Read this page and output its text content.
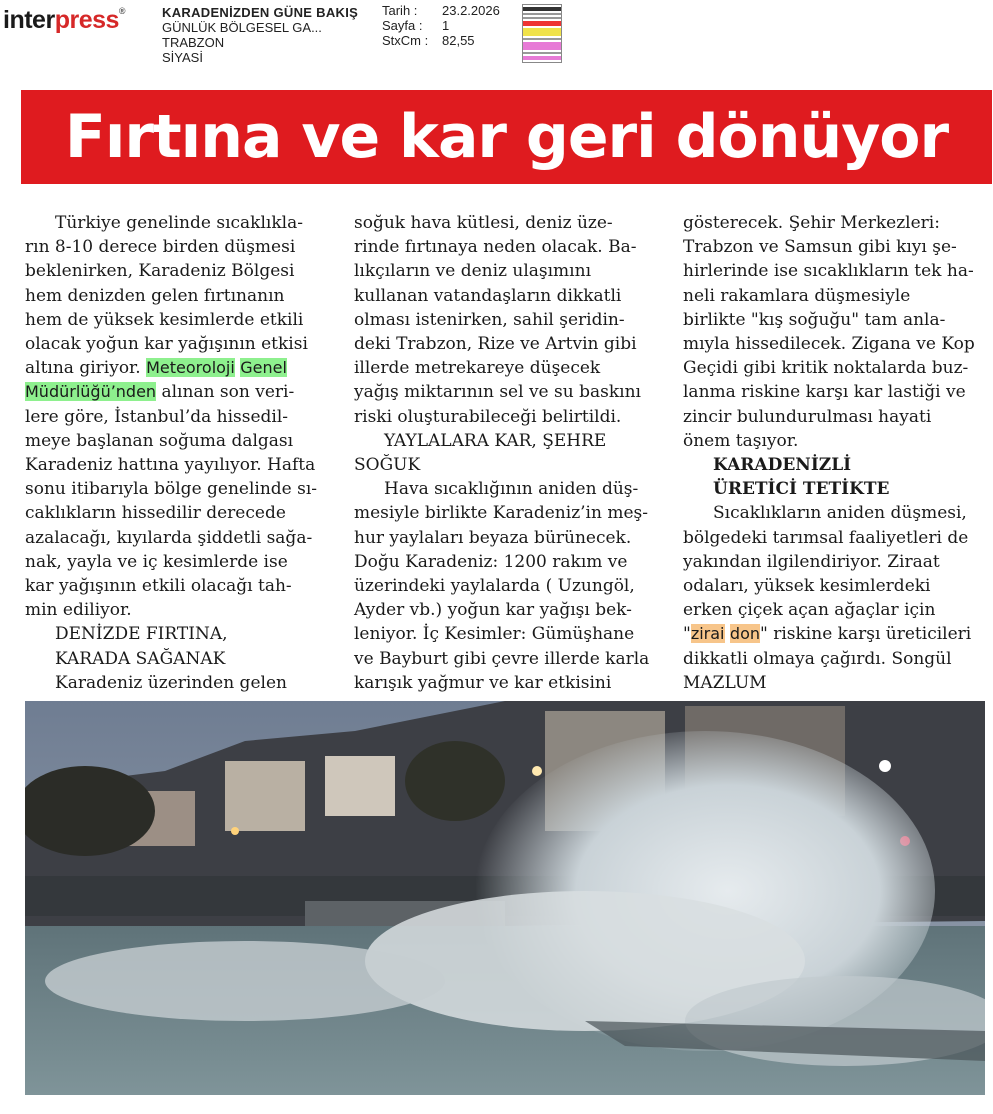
interpress®	KARADENİZDEN GÜNE BAKIŞ
GÜNLÜK BÖLGESEL GA...
TRABZON
SİYASİ
Tarih :	23.2.2026
Sayfa :	1
StxCm :	82,55
Fırtına ve kar geri dönüyor

Türkiye genelinde sıcaklıkla-

rın 8-10 derece birden düşmesi

beklenirken, Karadeniz Bölgesi

hem denizden gelen fırtınanın

hem de yüksek kesimlerde etkili

olacak yoğun kar yağışının etkisi

altına giriyor. Meteoroloji Genel

Müdürlüğü’nden alınan son veri-

lere göre, İstanbul’da hissedil-

meye başlanan soğuma dalgası

Karadeniz hattına yayılıyor. Hafta

sonu itibarıyla bölge genelinde sı-

caklıkların hissedilir derecede

azalacağı, kıyılarda şiddetli sağa-

nak, yayla ve iç kesimlerde ise

kar yağışının etkili olacağı tah-

min ediliyor.

DENİZDE FIRTINA,

KARADA SAĞANAK

Karadeniz üzerinden gelen

soğuk hava kütlesi, deniz üze-

rinde fırtınaya neden olacak. Ba-

lıkçıların ve deniz ulaşımını

kullanan vatandaşların dikkatli

olması istenirken, sahil şeridin-

deki Trabzon, Rize ve Artvin gibi

illerde metrekareye düşecek

yağış miktarının sel ve su baskını

riski oluşturabileceği belirtildi.

YAYLALARA KAR, ŞEHRE

SOĞUK

Hava sıcaklığının aniden düş-

mesiyle birlikte Karadeniz’in meş-

hur yaylaları beyaza bürünecek.

Doğu Karadeniz: 1200 rakım ve

üzerindeki yaylalarda ( Uzungöl,

Ayder vb.) yoğun kar yağışı bek-

leniyor. İç Kesimler: Gümüşhane

ve Bayburt gibi çevre illerde karla

karışık yağmur ve kar etkisini

gösterecek. Şehir Merkezleri:

Trabzon ve Samsun gibi kıyı şe-

hirlerinde ise sıcaklıkların tek ha-

neli rakamlara düşmesiyle

birlikte "kış soğuğu" tam anla-

mıyla hissedilecek. Zigana ve Kop

Geçidi gibi kritik noktalarda buz-

lanma riskine karşı kar lastiği ve

zincir bulundurulması hayati

önem taşıyor.

KARADENİZLİ

ÜRETİCİ TETİKTE

Sıcaklıkların aniden düşmesi,

bölgedeki tarımsal faaliyetleri de

yakından ilgilendiriyor. Ziraat

odaları, yüksek kesimlerdeki

erken çiçek açan ağaçlar için

"zirai don" riskine karşı üreticileri

dikkatli olmaya çağırdı. Songül

MAZLUM
